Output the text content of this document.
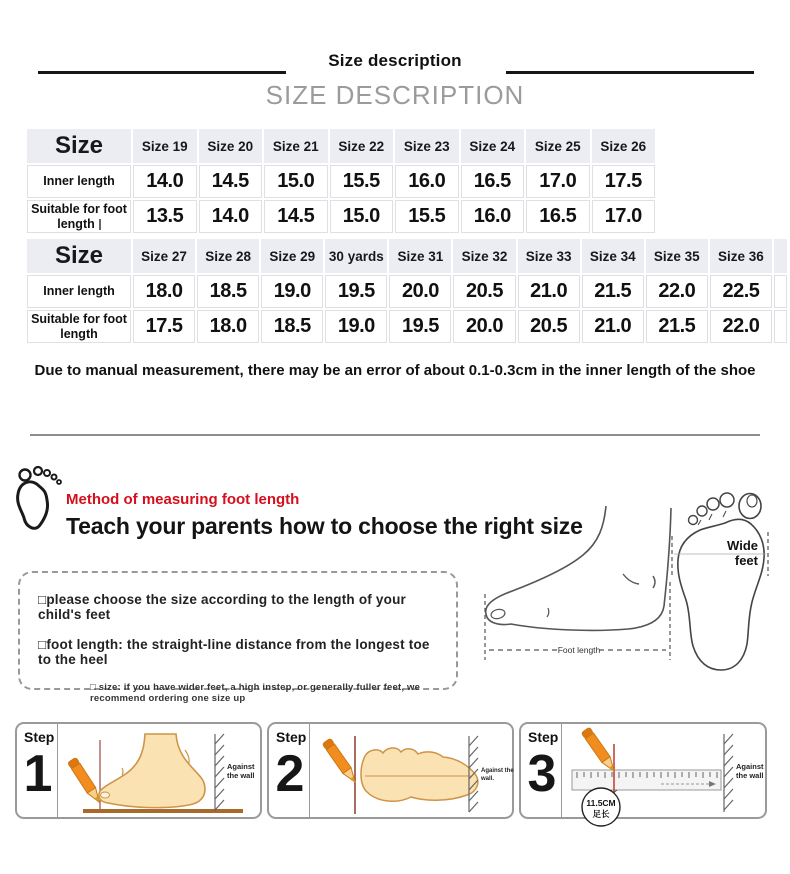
Size description
SIZE DESCRIPTION
Size	Size 19	Size 20	Size 21	Size 22	Size 23	Size 24	Size 25	Size 26
Inner length	14.0	14.5	15.0	15.5	16.0	16.5	17.0	17.5
Suitable for foot length	13.5	14.0	14.5	15.0	15.5	16.0	16.5	17.0
Size	Size 27	Size 28	Size 29	30 yards	Size 31	Size 32	Size 33	Size 34	Size 35	Size 36	
Inner length	18.0	18.5	19.0	19.5	20.0	20.5	21.0	21.5	22.0	22.5	
Suitable for foot length	17.5	18.0	18.5	19.0	19.5	20.0	20.5	21.0	21.5	22.0	
Due to manual measurement, there may be an error of about 0.1-0.3cm in the inner length of the shoe
Method of measuring foot length
Teach your parents how to choose the right size
□please choose the size according to the length of your child's feet
□foot length: the straight-line distance from the longest toe to the heel
□ size: if you have wider feet, a high instep, or generally fuller feet, we recommend ordering one size up
Foot length
Wide
feet
Step
1	Against
the wall
Step
2	Against the
wall.
Step
3	11.5CM
足长
Against
the wall
